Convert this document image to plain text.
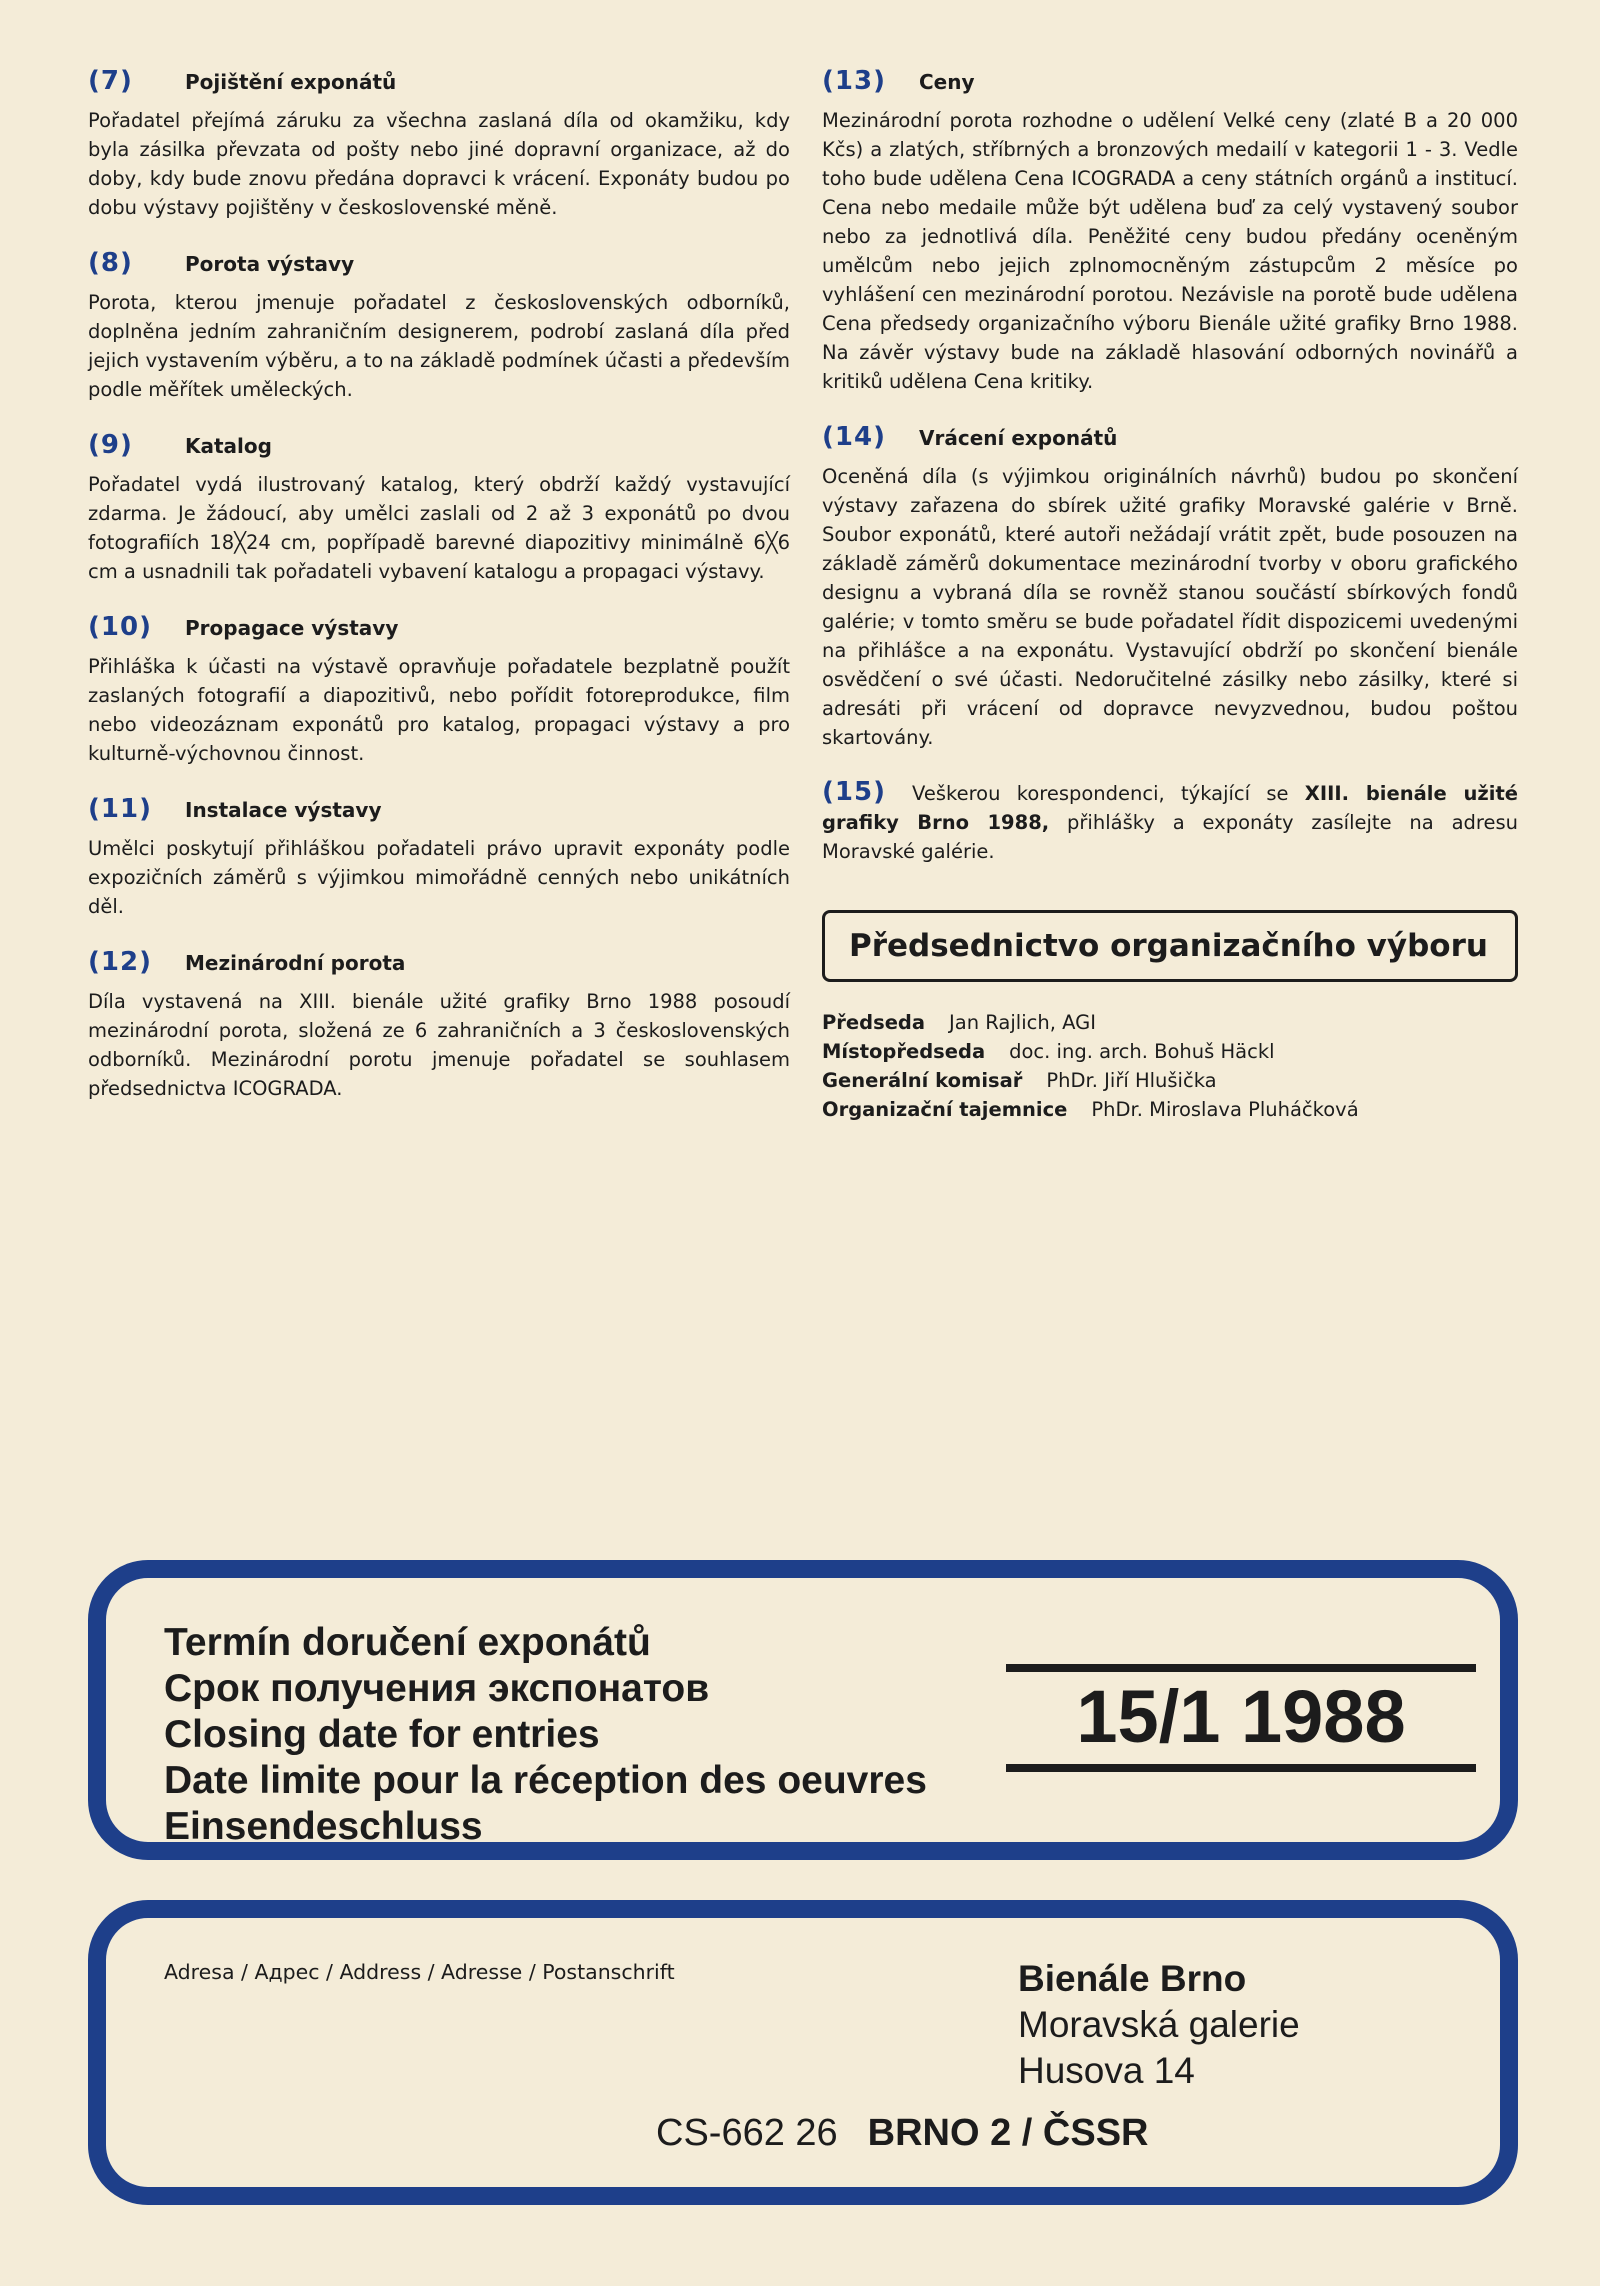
(7)	Pojištění exponátů
Pořadatel přejímá záruku za všechna zaslaná díla od okamžiku, kdy byla zásilka převzata od pošty nebo jiné dopravní organizace, až do doby, kdy bude znovu předána dopravci k vrácení. Exponáty budou po dobu výstavy pojištěny v československé měně.
(8)	Porota výstavy
Porota, kterou jmenuje pořadatel z československých odborníků, doplněna jedním zahraničním designerem, podrobí zaslaná díla před jejich vystavením výběru, a to na základě podmínek účasti a především podle měřítek uměleckých.
(9)	Katalog
Pořadatel vydá ilustrovaný katalog, který obdrží každý vystavující zdarma. Je žádoucí, aby umělci zaslali od 2 až 3 exponátů po dvou fotografiích 18╳24 cm, popřípadě barevné diapozitivy minimálně 6╳6 cm a usnadnili tak pořadateli vybavení katalogu a propagaci výstavy.
(10)	Propagace výstavy
Přihláška k účasti na výstavě opravňuje pořadatele bezplatně použít zaslaných fotografií a diapozitivů, nebo pořídit fotoreprodukce, film nebo videozáznam exponátů pro katalog, propagaci výstavy a pro kulturně-výchovnou činnost.
(11)	Instalace výstavy
Umělci poskytují přihláškou pořadateli právo upravit exponáty podle expozičních záměrů s výjimkou mimořádně cenných nebo unikátních děl.
(12)	Mezinárodní porota
Díla vystavená na XIII. bienále užité grafiky Brno 1988 posoudí mezinárodní porota, složená ze 6 zahraničních a 3 československých odborníků. Mezinárodní porotu jmenuje pořadatel se souhlasem předsednictva ICOGRADA.
(13)	Ceny
Mezinárodní porota rozhodne o udělení Velké ceny (zlaté B a 20 000 Kčs) a zlatých, stříbrných a bronzových medailí v kategorii 1 - 3. Vedle toho bude udělena Cena ICOGRADA a ceny státních orgánů a institucí. Cena nebo medaile může být udělena buď za celý vystavený soubor nebo za jednotlivá díla. Peněžité ceny budou předány oceněným umělcům nebo jejich zplnomocněným zástupcům 2 měsíce po vyhlášení cen mezinárodní porotou. Nezávisle na porotě bude udělena Cena předsedy organizačního výboru Bienále užité grafiky Brno 1988. Na závěr výstavy bude na základě hlasování odborných novinářů a kritiků udělena Cena kritiky.
(14)	Vrácení exponátů
Oceněná díla (s výjimkou originálních návrhů) budou po skončení výstavy zařazena do sbírek užité grafiky Moravské galérie v Brně. Soubor exponátů, které autoři nežádají vrátit zpět, bude posouzen na základě záměrů dokumentace mezinárodní tvorby v oboru grafického designu a vybraná díla se rovněž stanou součástí sbírkových fondů galérie; v tomto směru se bude pořadatel řídit dispozicemi uvedenými na přihlášce a na exponátu. Vystavující obdrží po skončení bienále osvědčení o své účasti. Nedoručitelné zásilky nebo zásilky, které si adresáti při vrácení od dopravce nevyzvednou, budou poštou skartovány.
(15) Veškerou korespondenci, týkající se XIII. bienále užité grafiky Brno 1988, přihlášky a exponáty zasílejte na adresu Moravské galérie.
Předsednictvo organizačního výboru
Předseda Jan Rajlich, AGI
Místopředseda doc. ing. arch. Bohuš Häckl
Generální komisař PhDr. Jiří Hlušička
Organizační tajemnice PhDr. Miroslava Pluháčková
Termín doručení exponátů
Срок получения экспонатов
Closing date for entries
Date limite pour la réception des oeuvres
Einsendeschluss
15/1 1988
Adresa / Адрес / Address / Adresse / Postanschrift	Bienále Brno
Moravská galerie
Husova 14
CS-662 26 BRNO 2 / ČSSR
